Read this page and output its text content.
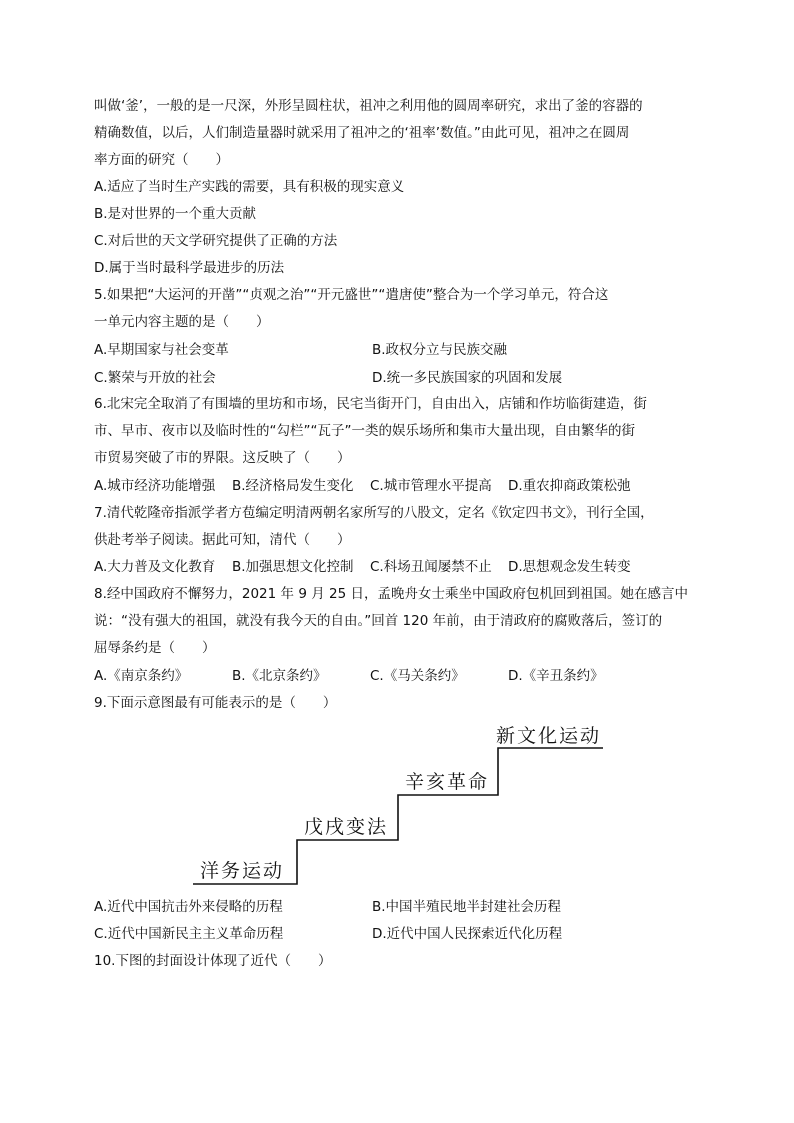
叫做‘釜’，一般的是一尺深，外形呈圆柱状，祖冲之利用他的圆周率研究，求出了釜的容器的
精确数值，以后，人们制造量器时就采用了祖冲之的‘祖率’数值。”由此可见，祖冲之在圆周
率方面的研究（　　）
A.适应了当时生产实践的需要，具有积极的现实意义
B.是对世界的一个重大贡献
C.对后世的天文学研究提供了正确的方法
D.属于当时最科学最进步的历法
5.如果把“大运河的开凿”“贞观之治”“开元盛世”“遣唐使”整合为一个学习单元，符合这
一单元内容主题的是（　　）
A.早期国家与社会变革	B.政权分立与民族交融
C.繁荣与开放的社会	D.统一多民族国家的巩固和发展
6.北宋完全取消了有围墙的里坊和市场，民宅当街开门，自由出入，店铺和作坊临街建造，街
市、早市、夜市以及临时性的“勾栏”“瓦子”一类的娱乐场所和集市大量出现，自由繁华的街
市贸易突破了市的界限。这反映了（　　）
A.城市经济功能增强 B.经济格局发生变化 C.城市管理水平提高 D.重农抑商政策松弛
7.清代乾隆帝指派学者方苞编定明清两朝名家所写的八股文，定名《钦定四书文》，刊行全国，
供赴考举子阅读。据此可知，清代（　　）
A.大力普及文化教育 B.加强思想文化控制 C.科场丑闻屡禁不止 D.思想观念发生转变
8.经中国政府不懈努力，2021 年 9 月 25 日，孟晚舟女士乘坐中国政府包机回到祖国。她在感言中
说：“没有强大的祖国，就没有我今天的自由。”回首 120 年前，由于清政府的腐败落后，签订的
屈辱条约是（　　）
A.《南京条约》	B.《北京条约》	C.《马关条约》	D.《辛丑条约》
9.下面示意图最有可能表示的是（　　）
洋务运动
戊戌变法
辛亥革命
新文化运动
A.近代中国抗击外来侵略的历程	B.中国半殖民地半封建社会历程
C.近代中国新民主主义革命历程	D.近代中国人民探索近代化历程
10.下图的封面设计体现了近代（　　）
